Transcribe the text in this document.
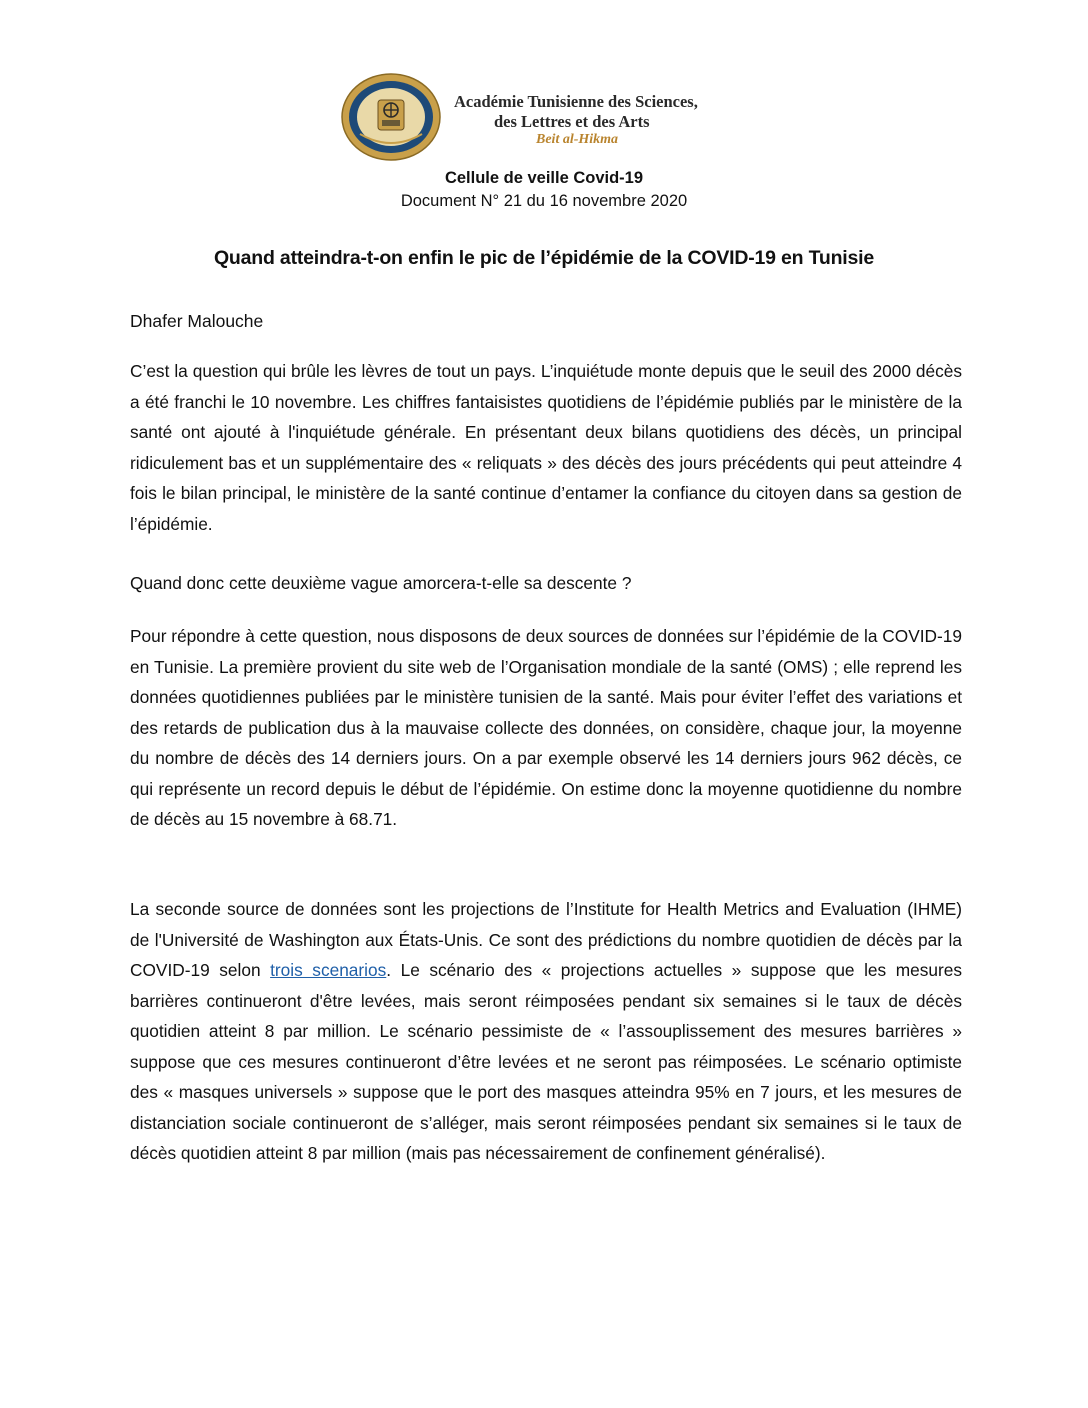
Académie Tunisienne des Sciences,
des Lettres et des Arts
Beit al-Hikma
Cellule de veille Covid-19
Document N° 21 du 16 novembre 2020
Quand atteindra-t-on enfin le pic de l’épidémie de la COVID-19 en Tunisie
Dhafer Malouche

C’est la question qui brûle les lèvres de tout un pays. L’inquiétude monte depuis que le seuil des 2000 décès a été franchi le 10 novembre. Les chiffres fantaisistes quotidiens de l’épidémie publiés par le ministère de la santé ont ajouté à l'inquiétude générale. En présentant deux bilans quotidiens des décès, un principal ridiculement bas et un supplémentaire des « reliquats » des décès des jours précédents qui peut atteindre 4 fois le bilan principal, le ministère de la santé continue d’entamer la confiance du citoyen dans sa gestion de l’épidémie.

Quand donc cette deuxième vague amorcera-t-elle sa descente ?

Pour répondre à cette question, nous disposons de deux sources de données sur l’épidémie de la COVID-19 en Tunisie. La première provient du site web de l’Organisation mondiale de la santé (OMS) ; elle reprend les données quotidiennes publiées par le ministère tunisien de la santé. Mais pour éviter l’effet des variations et des retards de publication dus à la mauvaise collecte des données, on considère, chaque jour, la moyenne du nombre de décès des 14 derniers jours. On a par exemple observé les 14 derniers jours 962 décès, ce qui représente un record depuis le début de l’épidémie. On estime donc la moyenne quotidienne du nombre de décès au 15 novembre à 68.71.

La seconde source de données sont les projections de l’Institute for Health Metrics and Evaluation (IHME) de l'Université de Washington aux États-Unis. Ce sont des prédictions du nombre quotidien de décès par la COVID-19 selon trois scenarios. Le scénario des « projections actuelles » suppose que les mesures barrières continueront d'être levées, mais seront réimposées pendant six semaines si le taux de décès quotidien atteint 8 par million. Le scénario pessimiste de « l’assouplissement des mesures barrières » suppose que ces mesures continueront d’être levées et ne seront pas réimposées. Le scénario optimiste des « masques universels » suppose que le port des masques atteindra 95% en 7 jours, et les mesures de distanciation sociale continueront de s’alléger, mais seront réimposées pendant six semaines si le taux de décès quotidien atteint 8 par million (mais pas nécessairement de confinement généralisé).
